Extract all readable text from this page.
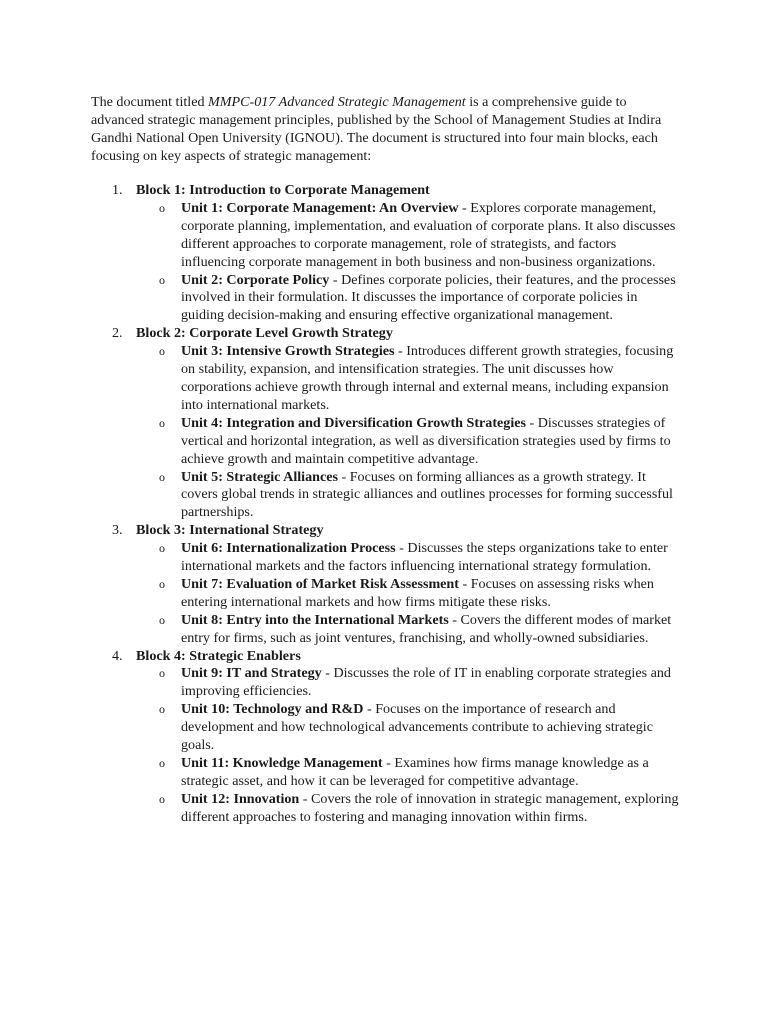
The document titled MMPC-017 Advanced Strategic Management is a comprehensive guide to advanced strategic management principles, published by the School of Management Studies at Indira Gandhi National Open University (IGNOU). The document is structured into four main blocks, each focusing on key aspects of strategic management:

1. Block 1: Introduction to Corporate Management
o Unit 1: Corporate Management: An Overview - Explores corporate management, corporate planning, implementation, and evaluation of corporate plans. It also discusses different approaches to corporate management, role of strategists, and factors influencing corporate management in both business and non-business organizations.
o Unit 2: Corporate Policy - Defines corporate policies, their features, and the processes involved in their formulation. It discusses the importance of corporate policies in guiding decision-making and ensuring effective organizational management.
2. Block 2: Corporate Level Growth Strategy
o Unit 3: Intensive Growth Strategies - Introduces different growth strategies, focusing on stability, expansion, and intensification strategies. The unit discusses how corporations achieve growth through internal and external means, including expansion into international markets.
o Unit 4: Integration and Diversification Growth Strategies - Discusses strategies of vertical and horizontal integration, as well as diversification strategies used by firms to achieve growth and maintain competitive advantage.
o Unit 5: Strategic Alliances - Focuses on forming alliances as a growth strategy. It covers global trends in strategic alliances and outlines processes for forming successful partnerships.
3. Block 3: International Strategy
o Unit 6: Internationalization Process - Discusses the steps organizations take to enter international markets and the factors influencing international strategy formulation.
o Unit 7: Evaluation of Market Risk Assessment - Focuses on assessing risks when entering international markets and how firms mitigate these risks.
o Unit 8: Entry into the International Markets - Covers the different modes of market entry for firms, such as joint ventures, franchising, and wholly-owned subsidiaries.
4. Block 4: Strategic Enablers
o Unit 9: IT and Strategy - Discusses the role of IT in enabling corporate strategies and improving efficiencies.
o Unit 10: Technology and R&D - Focuses on the importance of research and development and how technological advancements contribute to achieving strategic goals.
o Unit 11: Knowledge Management - Examines how firms manage knowledge as a strategic asset, and how it can be leveraged for competitive advantage.
o Unit 12: Innovation - Covers the role of innovation in strategic management, exploring different approaches to fostering and managing innovation within firms.
